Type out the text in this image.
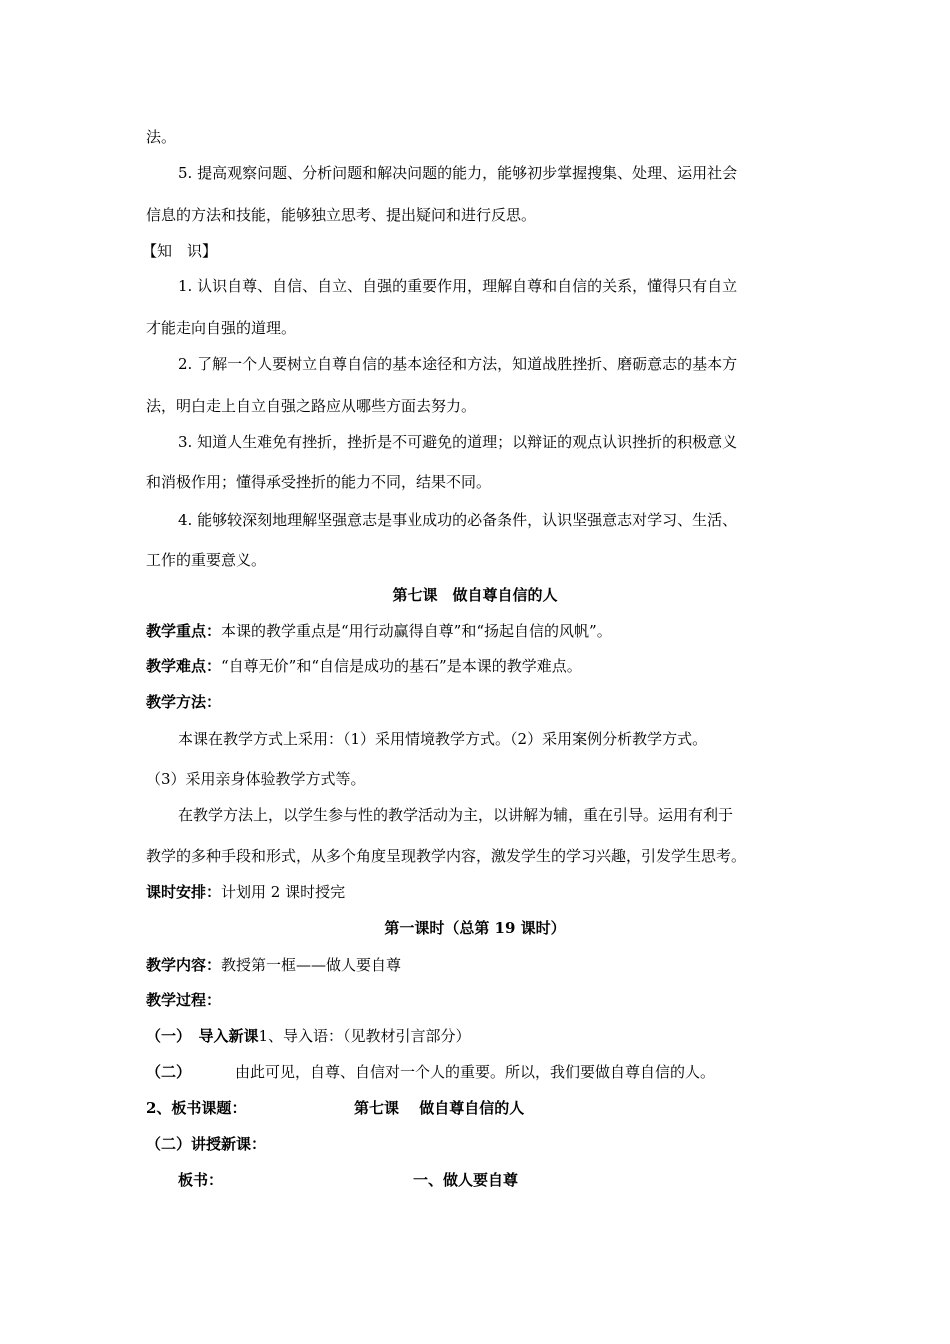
法。
5. 提高观察问题、分析问题和解决问题的能力，能够初步掌握搜集、处理、运用社会
信息的方法和技能，能够独立思考、提出疑问和进行反思。
【知　识】
1. 认识自尊、自信、自立、自强的重要作用，理解自尊和自信的关系，懂得只有自立
才能走向自强的道理。
2. 了解一个人要树立自尊自信的基本途径和方法，知道战胜挫折、磨砺意志的基本方
法，明白走上自立自强之路应从哪些方面去努力。
3. 知道人生难免有挫折，挫折是不可避免的道理；以辩证的观点认识挫折的积极意义
和消极作用；懂得承受挫折的能力不同，结果不同。
4. 能够较深刻地理解坚强意志是事业成功的必备条件，认识坚强意志对学习、生活、
工作的重要意义。
第七课　做自尊自信的人
教学重点：本课的教学重点是“用行动赢得自尊”和“扬起自信的风帆”。
教学难点：“自尊无价”和“自信是成功的基石”是本课的教学难点。
教学方法：
本课在教学方式上采用：（1）采用情境教学方式。（2）采用案例分析教学方式。
（3）采用亲身体验教学方式等。
在教学方法上，以学生参与性的教学活动为主，以讲解为辅，重在引导。运用有利于
教学的多种手段和形式，从多个角度呈现教学内容，激发学生的学习兴趣，引发学生思考。
课时安排：计划用 2 课时授完
第一课时（总第 19 课时）
教学内容：教授第一框——做人要自尊
教学过程：
（一）　导入新课1、导入语：（见教材引言部分）
（二）	由此可见，自尊、自信对一个人的重要。所以，我们要做自尊自信的人。
2、板书课题：	第七课　 做自尊自信的人
（二）讲授新课：
板书：	一、做人要自尊
